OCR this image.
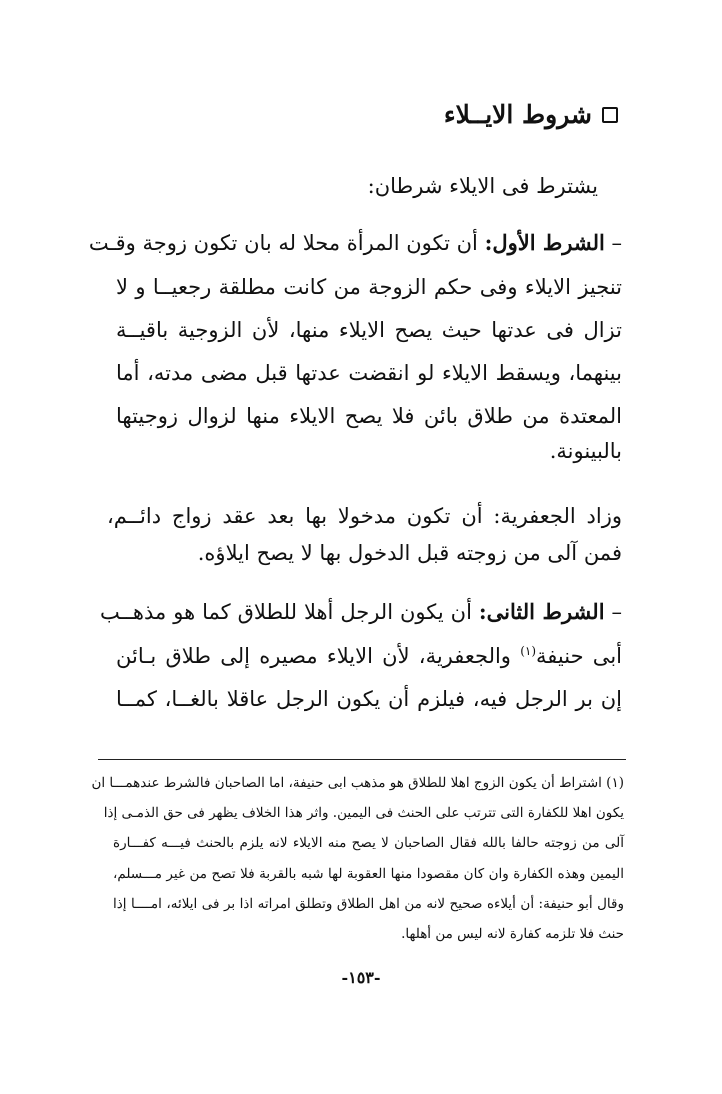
شروط الايــلاء
يشترط فى الايلاء شرطان:
– الشرط الأول: أن تكون المرأة محلا له بان تكون زوجة وقـت
تنجيز الايلاء وفى حكم الزوجة من كانت مطلقة رجعيــا و لا
تزال فى عدتها حيث يصح الايلاء منها، لأن الزوجية باقيــة
بينهما، ويسقط الايلاء لو انقضت عدتها قبل مضى مدته، أما
المعتدة من طلاق بائن فلا يصح الايلاء منها لزوال زوجيتها
بالبينونة.
وزاد الجعفرية: أن تكون مدخولا بها بعد عقد زواج دائــم،
فمن آلى من زوجته قبل الدخول بها لا يصح ايلاؤه.
– الشرط الثانى: أن يكون الرجل أهلا للطلاق كما هو مذهــب
أبى حنيفة$^{(١)}$ والجعفرية، لأن الايلاء مصيره إلى طلاق بـائن
إن بر الرجل فيه، فيلزم أن يكون الرجل عاقلا بالغــا، كمــا
(١) اشتراط أن يكون الزوج اهلا للطلاق هو مذهب ابى حنيفة، اما الصاحبان فالشرط عندهمـــا ان
يكون اهلا للكفارة التى تترتب على الحنث فى اليمين. واثر هذا الخلاف يظهر فى حق الذمـى إذا
آلى من زوجته حالفا بالله فقال الصاحبان لا يصح منه الايلاء لانه يلزم بالحنث فيـــه كفـــارة
اليمين وهذه الكفارة وان كان مقصودا منها العقوبة لها شبه بالقربة فلا تصح من غير مـــسلم،
وقال أبو حنيفة: أن أيلاءه صحيح لانه من اهل الطلاق وتطلق امراته اذا بر فى ايلائه، امــــا إذا
حنث فلا تلزمه كفارة لانه ليس من أهلها.
-١٥٣-
